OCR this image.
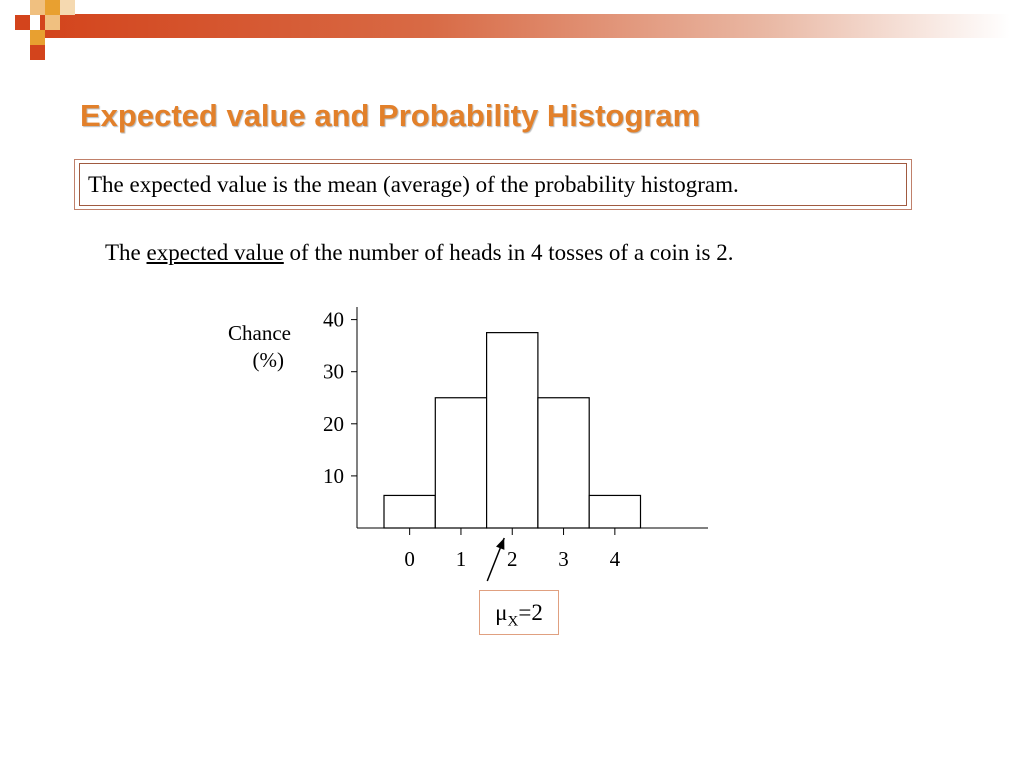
Expected value and Probability Histogram
The expected value is the mean (average) of the probability histogram.
The expected value of the number of heads in 4 tosses of a coin is 2.
10
20
30
40
0 1 2 3 4
Chance
(%)
$\mu_X=2$
